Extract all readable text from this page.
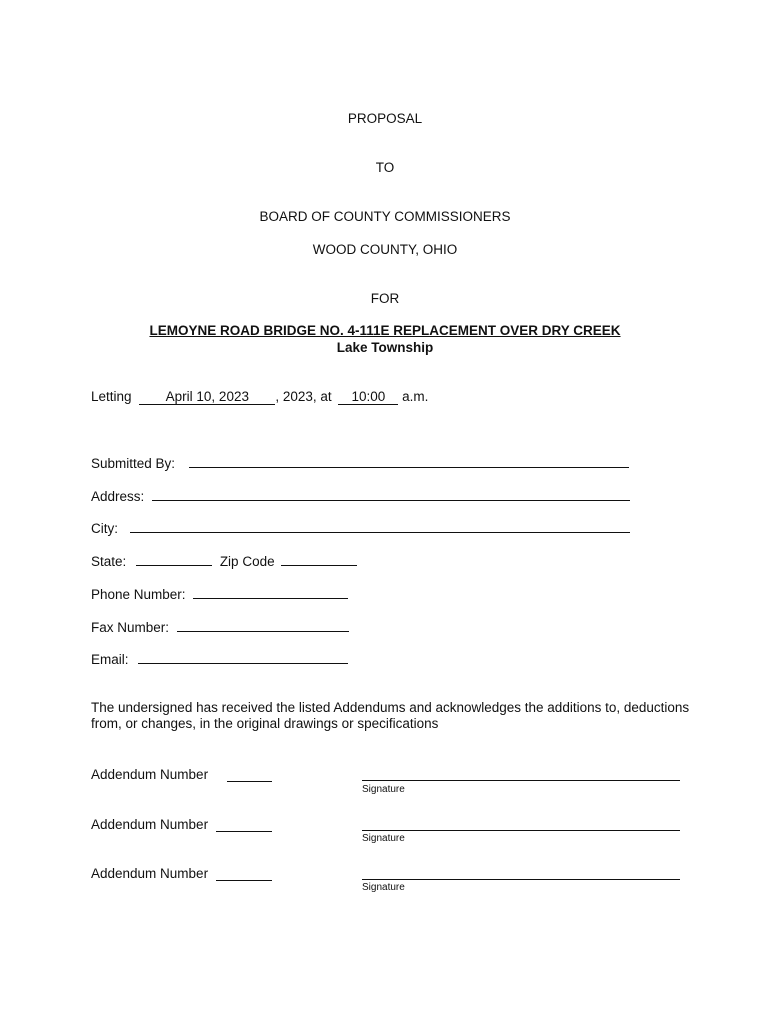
PROPOSAL
TO
BOARD OF COUNTY COMMISSIONERS
WOOD COUNTY, OHIO
FOR
LEMOYNE ROAD BRIDGE NO. 4-111E REPLACEMENT OVER DRY CREEK
Lake Township
Letting	April 10, 2023 , 2023, at 10:00 a.m.
Submitted By:
Address:
City:
State:	Zip Code
Phone Number:
Fax Number:
Email:
The undersigned has received the listed Addendums and acknowledges the additions to, deductions from, or changes, in the original drawings or specifications
Addendum Number
Signature
Addendum Number
Signature
Addendum Number
Signature
